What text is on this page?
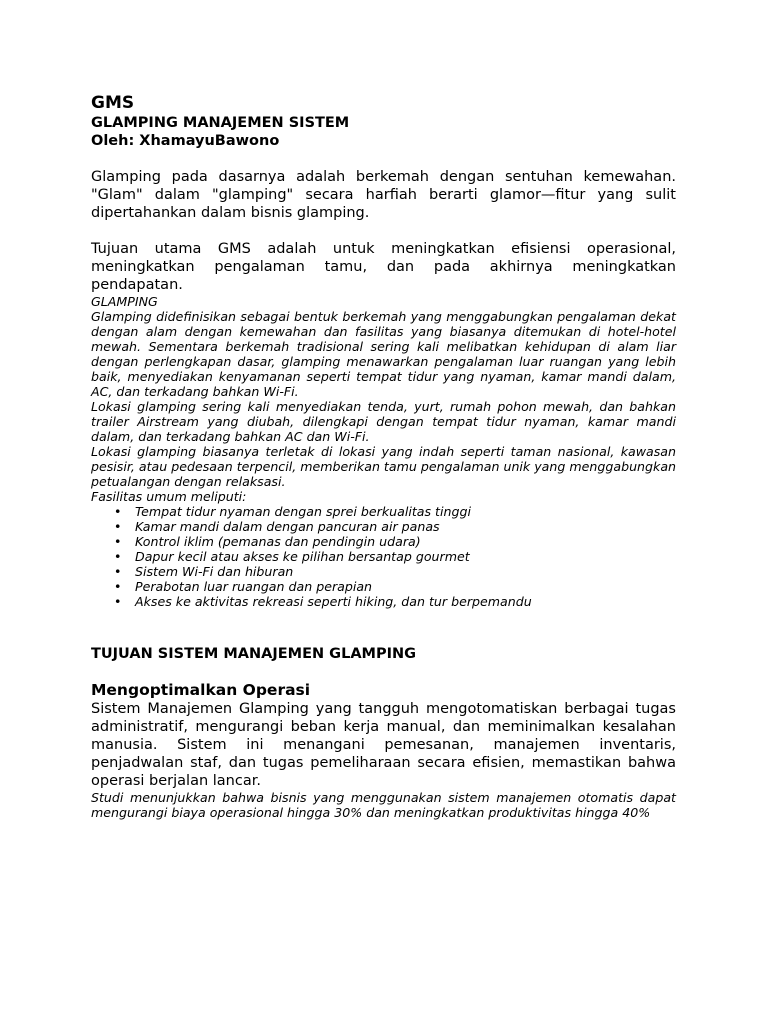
GMS

GLAMPING MANAJEMEN SISTEM

Oleh: XhamayuBawono

Glamping pada dasarnya adalah berkemah dengan sentuhan kemewahan. "Glam" dalam "glamping" secara harfiah berarti glamor—fitur yang sulit dipertahankan dalam bisnis glamping.

Tujuan utama GMS adalah untuk meningkatkan efisiensi operasional, meningkatkan pengalaman tamu, dan pada akhirnya meningkatkan pendapatan.

GLAMPING

Glamping didefinisikan sebagai bentuk berkemah yang menggabungkan pengalaman dekat dengan alam dengan kemewahan dan fasilitas yang biasanya ditemukan di hotel-hotel mewah. Sementara berkemah tradisional sering kali melibatkan kehidupan di alam liar dengan perlengkapan dasar, glamping menawarkan pengalaman luar ruangan yang lebih baik, menyediakan kenyamanan seperti tempat tidur yang nyaman, kamar mandi dalam, AC, dan terkadang bahkan Wi-Fi.

Lokasi glamping sering kali menyediakan tenda, yurt, rumah pohon mewah, dan bahkan trailer Airstream yang diubah, dilengkapi dengan tempat tidur nyaman, kamar mandi dalam, dan terkadang bahkan AC dan Wi-Fi.

Lokasi glamping biasanya terletak di lokasi yang indah seperti taman nasional, kawasan pesisir, atau pedesaan terpencil, memberikan tamu pengalaman unik yang menggabungkan petualangan dengan relaksasi.

Fasilitas umum meliputi:

• Tempat tidur nyaman dengan sprei berkualitas tinggi
• Kamar mandi dalam dengan pancuran air panas
• Kontrol iklim (pemanas dan pendingin udara)
• Dapur kecil atau akses ke pilihan bersantap gourmet
• Sistem Wi-Fi dan hiburan
• Perabotan luar ruangan dan perapian
• Akses ke aktivitas rekreasi seperti hiking, dan tur berpemandu

TUJUAN SISTEM MANAJEMEN GLAMPING

Mengoptimalkan Operasi

Sistem Manajemen Glamping yang tangguh mengotomatiskan berbagai tugas administratif, mengurangi beban kerja manual, dan meminimalkan kesalahan manusia. Sistem ini menangani pemesanan, manajemen inventaris, penjadwalan staf, dan tugas pemeliharaan secara efisien, memastikan bahwa operasi berjalan lancar.

Studi menunjukkan bahwa bisnis yang menggunakan sistem manajemen otomatis dapat mengurangi biaya operasional hingga 30% dan meningkatkan produktivitas hingga 40%
